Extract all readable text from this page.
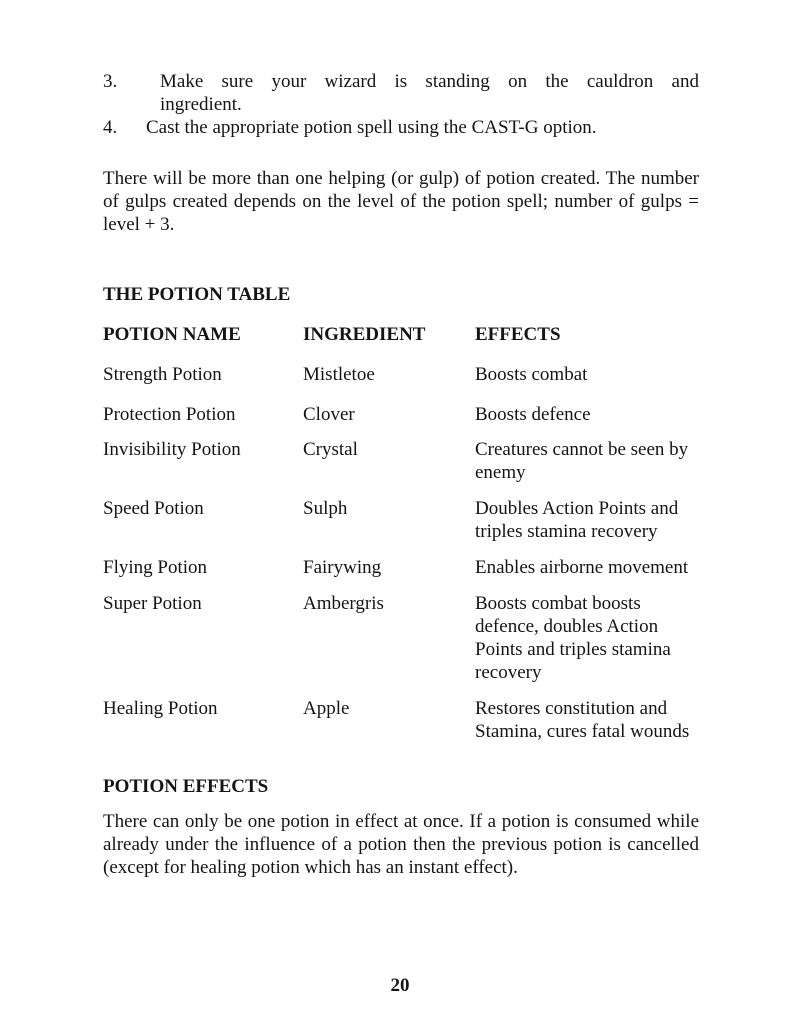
3. Make sure your wizard is standing on the cauldron and
ingredient.
4. Cast the appropriate potion spell using the CAST-G option.

There will be more than one helping (or gulp) of potion created. The number of gulps created depends on the level of the potion spell; number of gulps = level + 3.

THE POTION TABLE
POTION NAME	INGREDIENT	EFFECTS
Strength Potion	Mistletoe	Boosts combat
Protection Potion	Clover	Boosts defence
Invisibility Potion	Crystal	Creatures cannot be seen by enemy
Speed Potion	Sulph	Doubles Action Points and triples stamina recovery
Flying Potion	Fairywing	Enables airborne movement
Super Potion	Ambergris	Boosts combat boosts defence, doubles Action Points and triples stamina recovery
Healing Potion	Apple	Restores constitution and Stamina, cures fatal wounds
POTION EFFECTS

There can only be one potion in effect at once. If a potion is consumed while already under the influence of a potion then the previous potion is cancelled (except for healing potion which has an instant effect).

20
